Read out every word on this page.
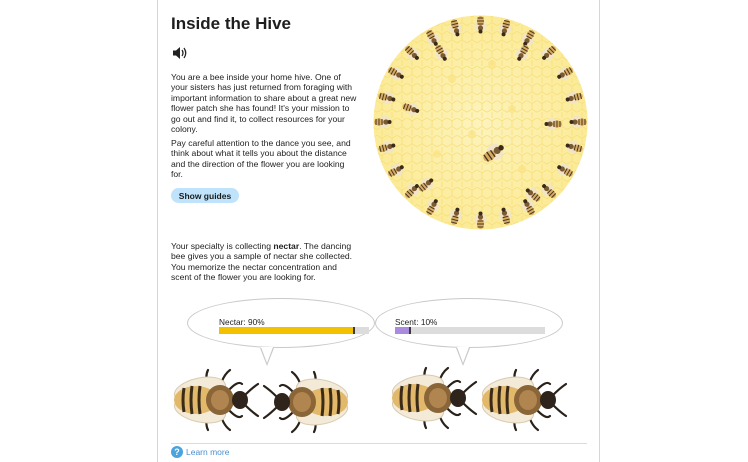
Inside the Hive

You are a bee inside your home hive. One of your sisters has just returned from foraging with important information to share about a great new flower patch she has found! It's your mission to go out and find it, to collect resources for your colony.

Pay careful attention to the dance you see, and think about what it tells you about the distance and the direction of the flower you are looking for.

Show guides

Your specialty is collecting nectar. The dancing bee gives you a sample of nectar she collected. You memorize the nectar concentration and scent of the flower you are looking for.

Nectar: 90%	Scent: 10%
? Learn more
